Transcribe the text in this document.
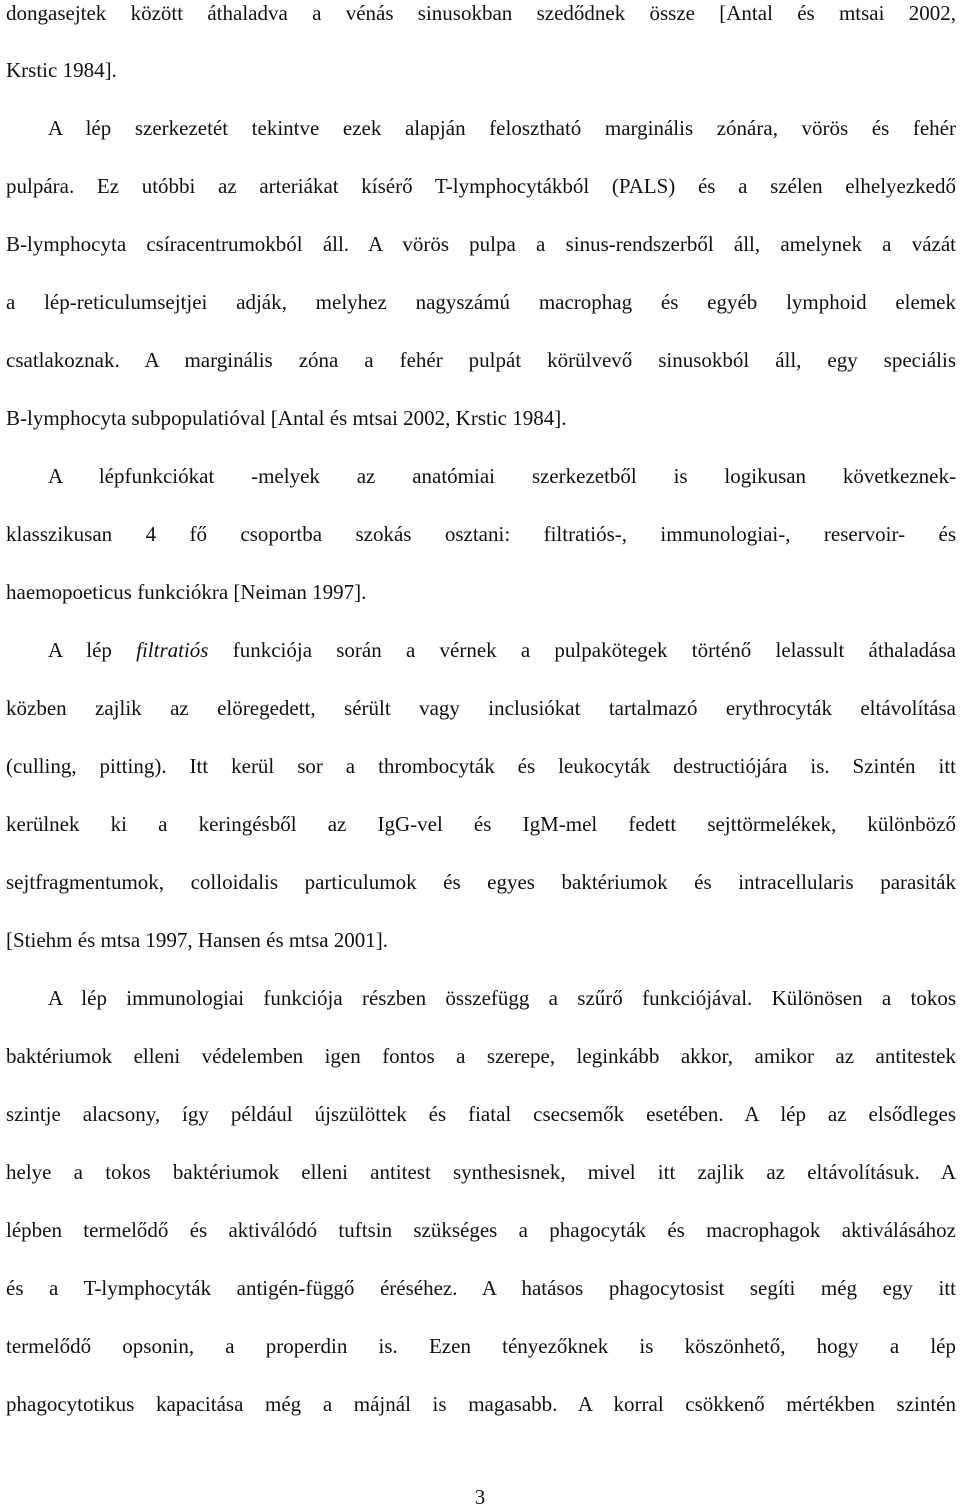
dongasejtek között áthaladva a vénás sinusokban szedődnek össze [Antal és mtsai 2002,
Krstic 1984].
A lép szerkezetét tekintve ezek alapján felosztható marginális zónára, vörös és fehér
pulpára. Ez utóbbi az arteriákat kísérő T-lymphocytákból (PALS) és a szélen elhelyezkedő
B-lymphocyta csíracentrumokból áll. A vörös pulpa a sinus-rendszerből áll, amelynek a vázát
a lép-reticulumsejtjei adják, melyhez nagyszámú macrophag és egyéb lymphoid elemek
csatlakoznak. A marginális zóna a fehér pulpát körülvevő sinusokból áll, egy speciális
B-lymphocyta subpopulatióval [Antal és mtsai 2002, Krstic 1984].
A lépfunkciókat -melyek az anatómiai szerkezetből is logikusan következnek-
klasszikusan 4 fő csoportba szokás osztani: filtratiós-, immunologiai-, reservoir- és
haemopoeticus funkciókra [Neiman 1997].
A lép filtratiós funkciója során a vérnek a pulpakötegek történő lelassult áthaladása
közben zajlik az elöregedett, sérült vagy inclusiókat tartalmazó erythrocyták eltávolítása
(culling, pitting). Itt kerül sor a thrombocyták és leukocyták destructiójára is. Szintén itt
kerülnek ki a keringésből az IgG-vel és IgM-mel fedett sejttörmelékek, különböző
sejtfragmentumok, colloidalis particulumok és egyes baktériumok és intracellularis parasiták
[Stiehm és mtsa 1997, Hansen és mtsa 2001].
A lép immunologiai funkciója részben összefügg a szűrő funkciójával. Különösen a tokos
baktériumok elleni védelemben igen fontos a szerepe, leginkább akkor, amikor az antitestek
szintje alacsony, így például újszülöttek és fiatal csecsemők esetében. A lép az elsődleges
helye a tokos baktériumok elleni antitest synthesisnek, mivel itt zajlik az eltávolításuk. A
lépben termelődő és aktiválódó tuftsin szükséges a phagocyták és macrophagok aktiválásához
és a T-lymphocyták antigén-függő éréséhez. A hatásos phagocytosist segíti még egy itt
termelődő opsonin, a properdin is. Ezen tényezőknek is köszönhető, hogy a lép
phagocytotikus kapacitása még a májnál is magasabb. A korral csökkenő mértékben szintén
3
